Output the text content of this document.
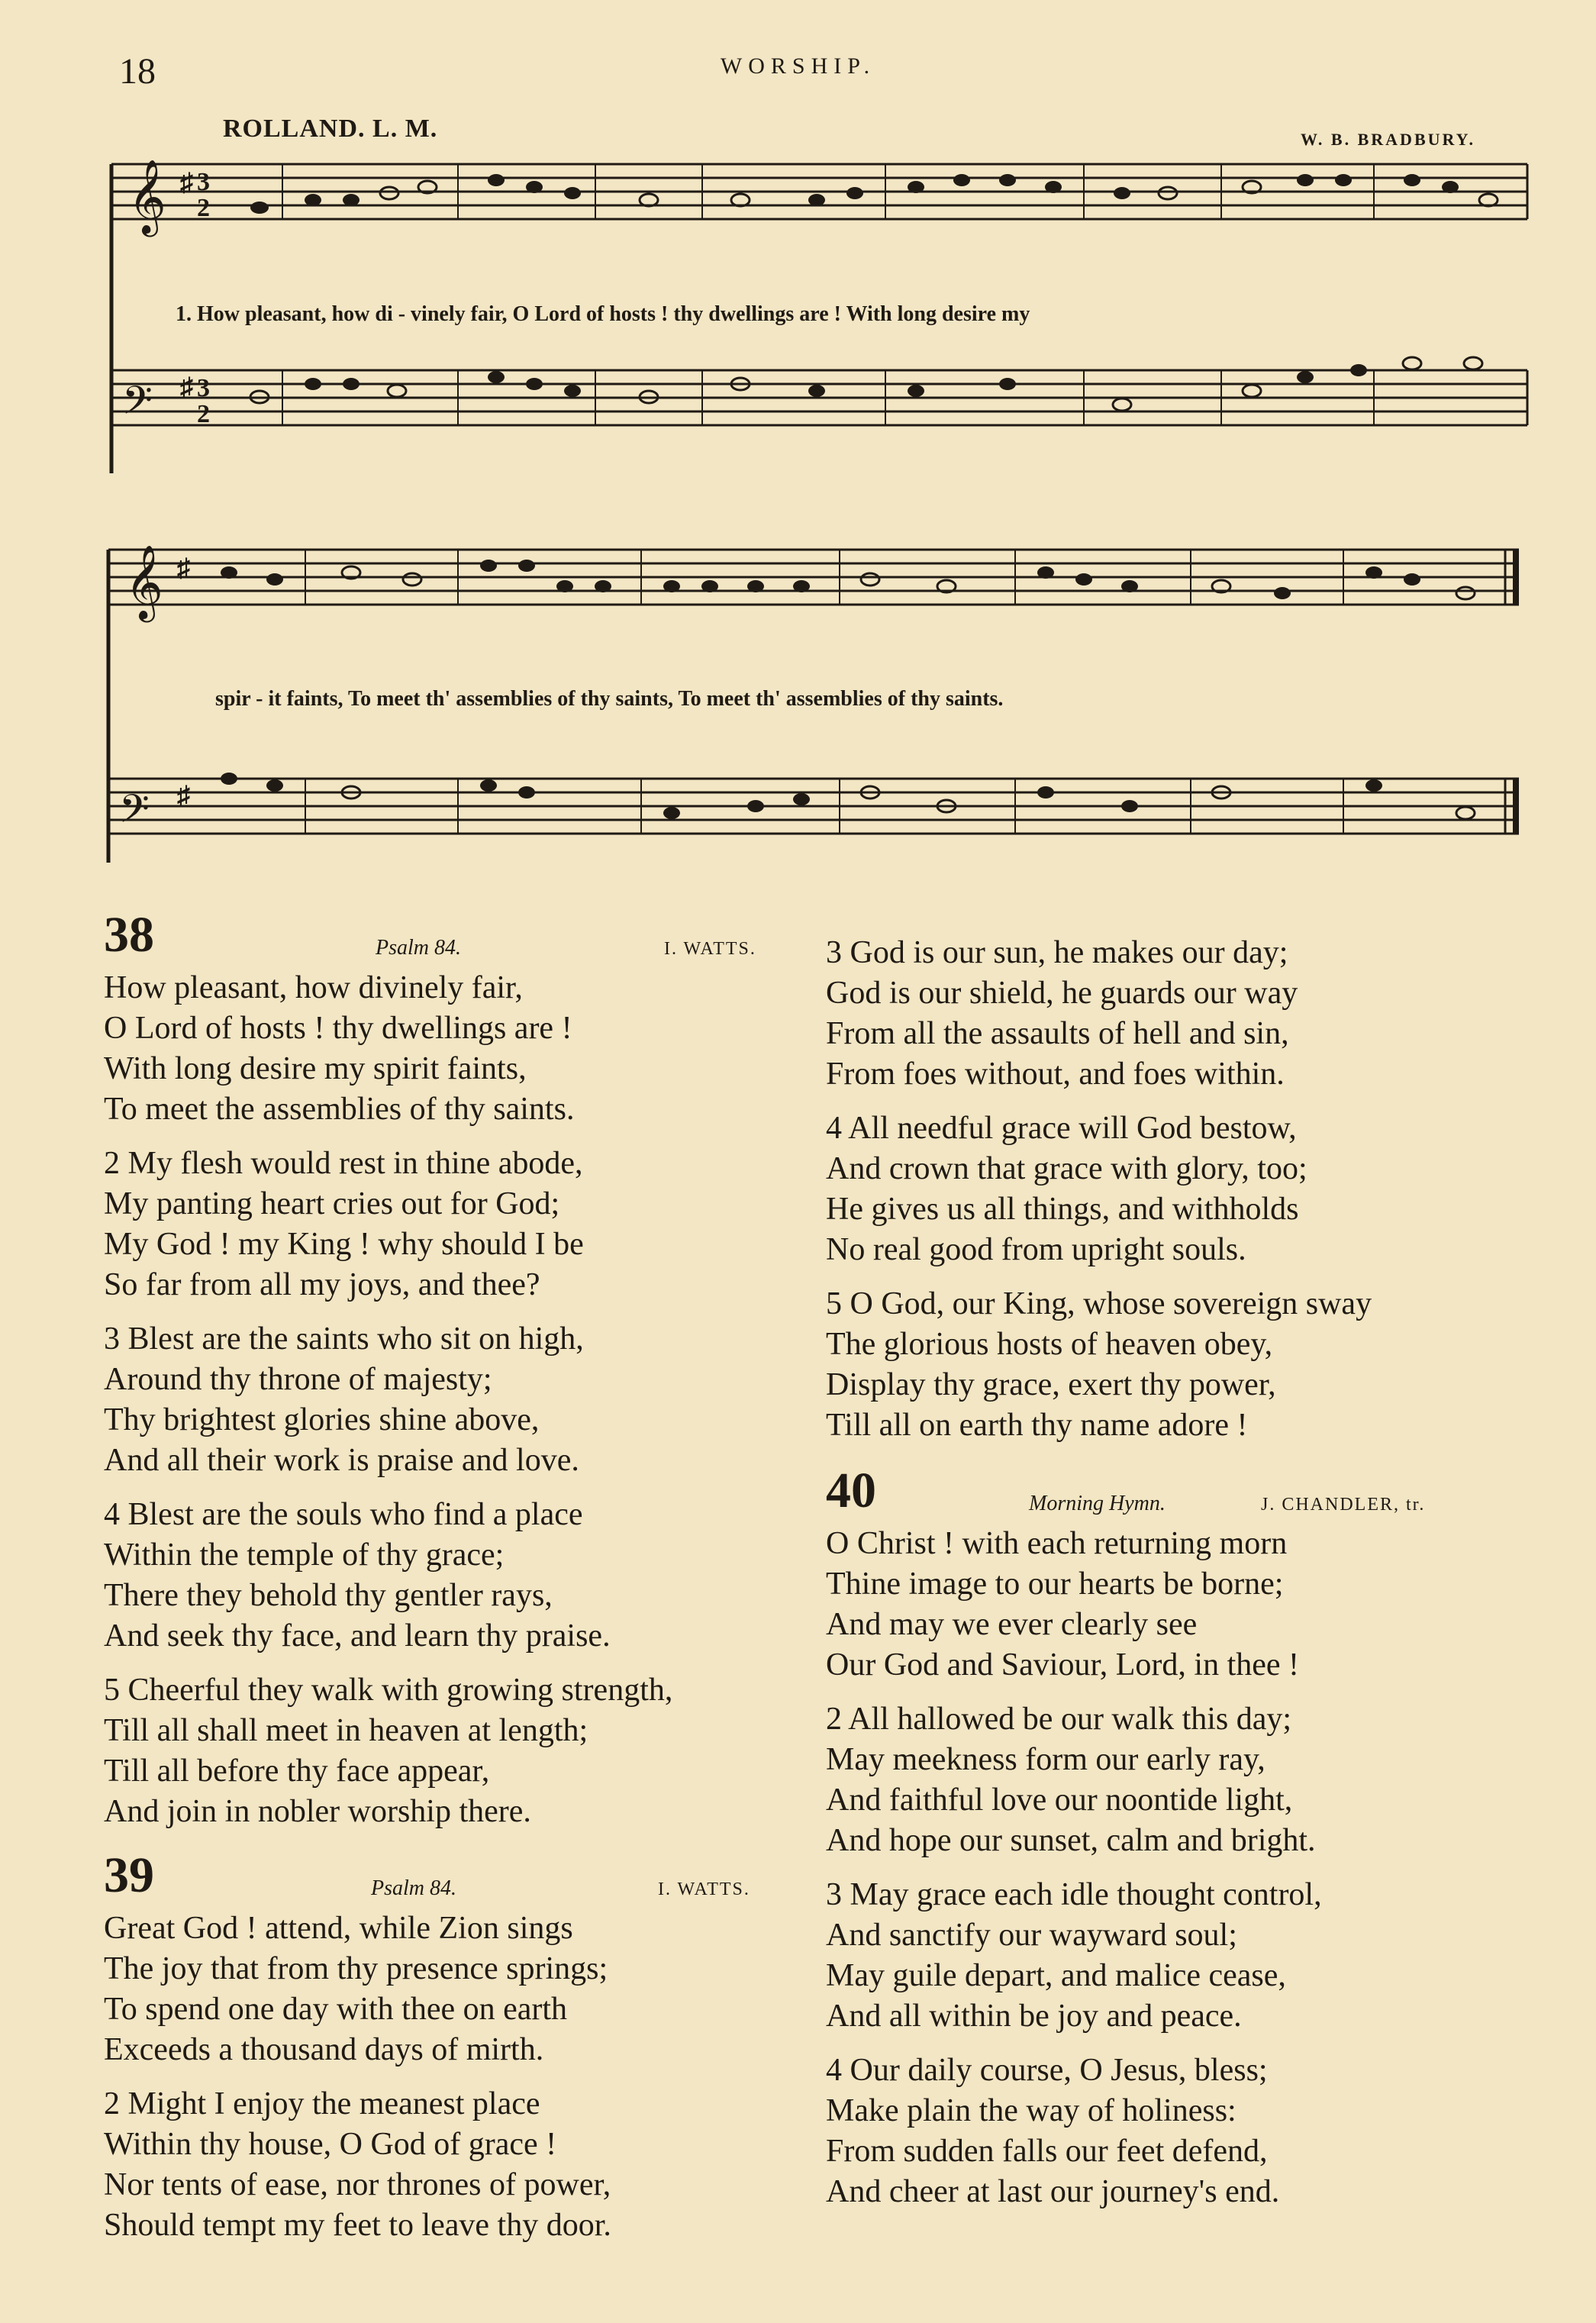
18	WORSHIP.
ROLLAND. L. M.	W. B. BRADBURY.
𝄞 ♯ 3
2
𝄢 ♯ 3
2
1. How pleasant, how di - vinely fair, O Lord of hosts ! thy dwellings are ! With long desire my
𝄞 ♯
𝄢 ♯
spir - it faints, To meet th' assemblies of thy saints, To meet th' assemblies of thy saints.
38	Psalm 84.	I. WATTS.
How pleasant, how divinely fair,
O Lord of hosts ! thy dwellings are !
With long desire my spirit faints,
To meet the assemblies of thy saints.
2 My flesh would rest in thine abode,
My panting heart cries out for God;
My God ! my King ! why should I be
So far from all my joys, and thee?
3 Blest are the saints who sit on high,
Around thy throne of majesty;
Thy brightest glories shine above,
And all their work is praise and love.
4 Blest are the souls who find a place
Within the temple of thy grace;
There they behold thy gentler rays,
And seek thy face, and learn thy praise.
5 Cheerful they walk with growing strength,
Till all shall meet in heaven at length;
Till all before thy face appear,
And join in nobler worship there.
39	Psalm 84.	I. WATTS.
Great God ! attend, while Zion sings
The joy that from thy presence springs;
To spend one day with thee on earth
Exceeds a thousand days of mirth.
2 Might I enjoy the meanest place
Within thy house, O God of grace !
Nor tents of ease, nor thrones of power,
Should tempt my feet to leave thy door.
3 God is our sun, he makes our day;
God is our shield, he guards our way
From all the assaults of hell and sin,
From foes without, and foes within.
4 All needful grace will God bestow,
And crown that grace with glory, too;
He gives us all things, and withholds
No real good from upright souls.
5 O God, our King, whose sovereign sway
The glorious hosts of heaven obey,
Display thy grace, exert thy power,
Till all on earth thy name adore !
40	Morning Hymn.	J. CHANDLER, tr.
O Christ ! with each returning morn
Thine image to our hearts be borne;
And may we ever clearly see
Our God and Saviour, Lord, in thee !
2 All hallowed be our walk this day;
May meekness form our early ray,
And faithful love our noontide light,
And hope our sunset, calm and bright.
3 May grace each idle thought control,
And sanctify our wayward soul;
May guile depart, and malice cease,
And all within be joy and peace.
4 Our daily course, O Jesus, bless;
Make plain the way of holiness:
From sudden falls our feet defend,
And cheer at last our journey's end.
